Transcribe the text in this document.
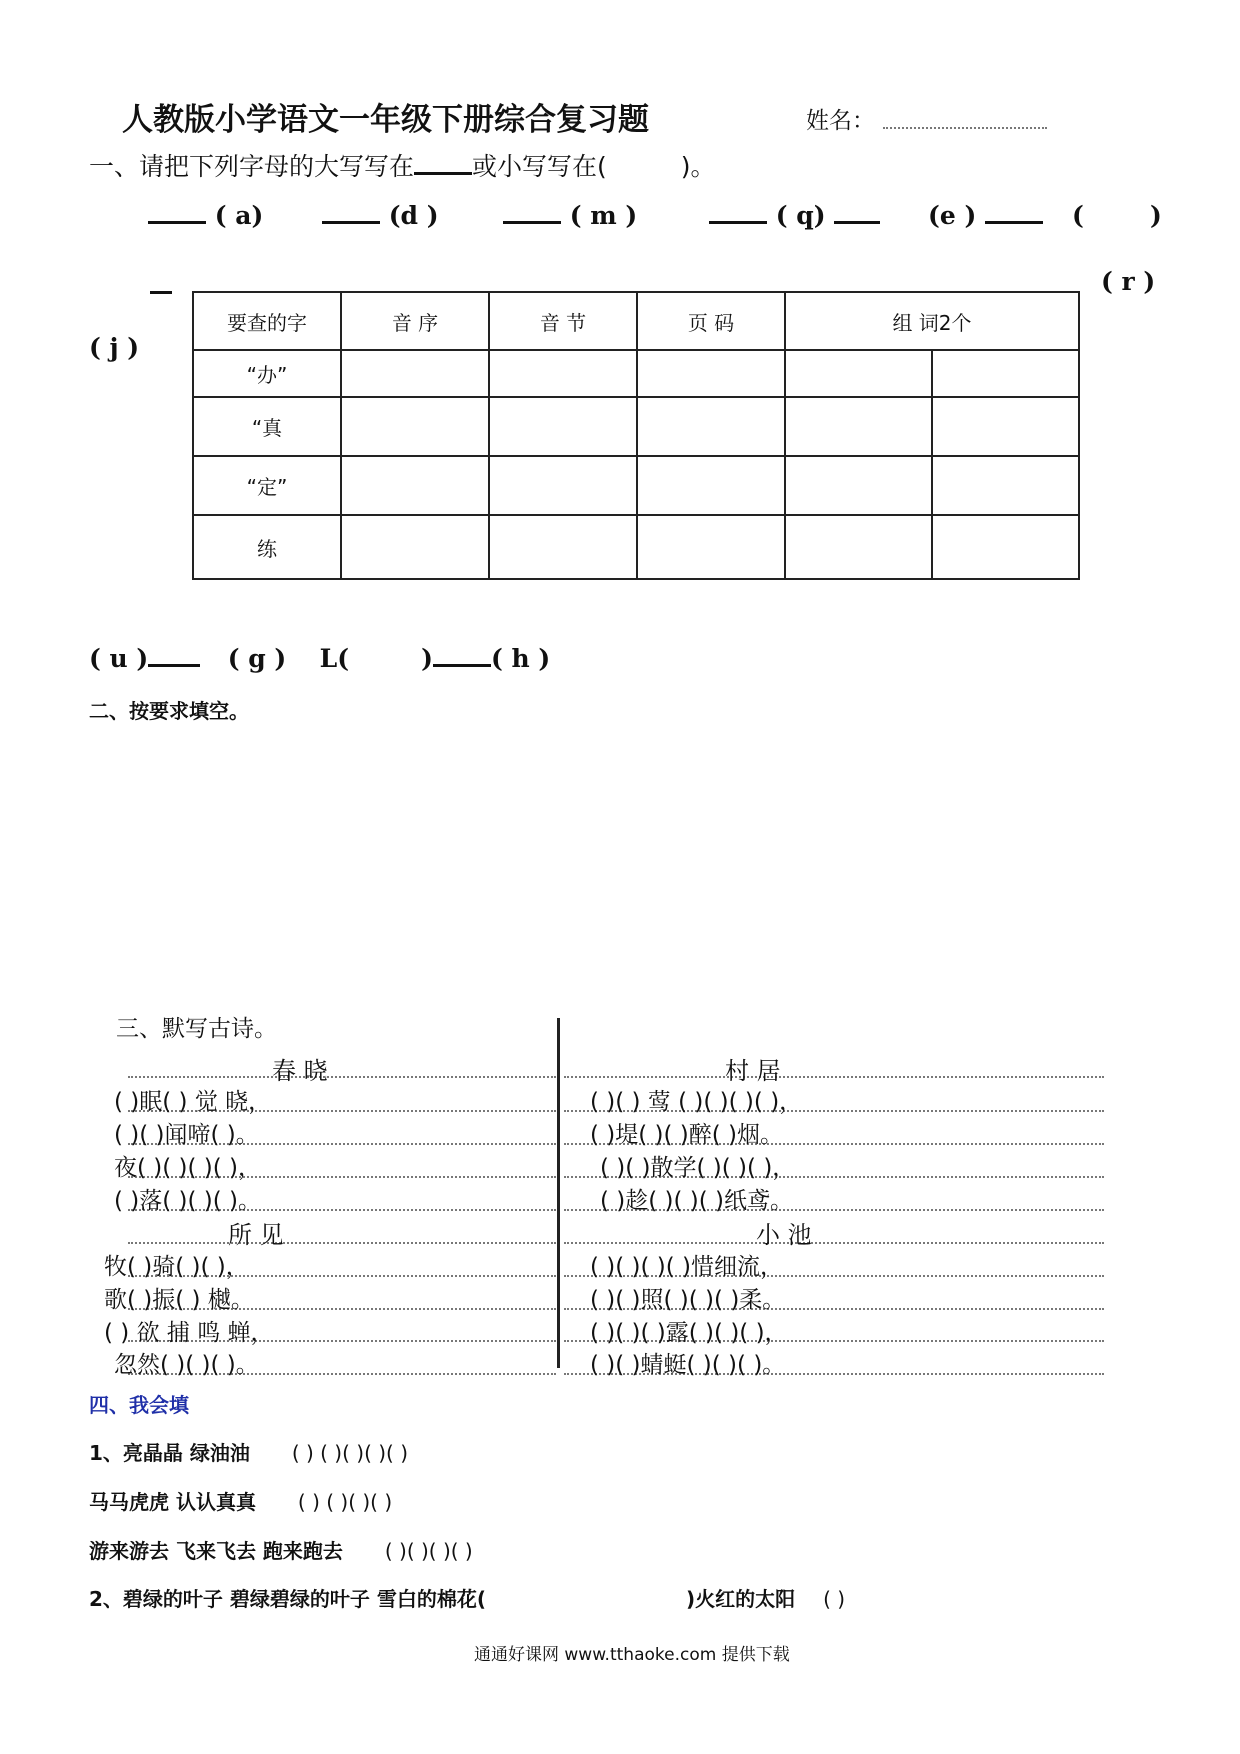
人教版小学语文一年级下册综合复习题	姓名：
一、请把下列字母的大写写在 或小写写在(	)。
( a)	(d )	( m )	( q)	(e )	(	)
( r )
( j )
要查的字	音 序	音 节	页 码	组 词2个	
“办”					
“真					
“定”					
练					
( u )	( g ) L(	) ( h )
二、按要求填空。
三、默写古诗。
春 晓
( )眠( ) 觉 晓，
( )( )闻啼( )。
夜( )( )( )( )，
( )落( )( )( )。
所 见
牧( )骑( )( )，
歌( )振( ) 樾。
( ) 欲 捕 鸣 蝉，
忽然( )( )( )。
村 居
( )( ) 莺 ( )( )( )( )，
( )堤( )( )醉( )烟。
( )( )散学( )( )( )，
( )趁( )( )( )纸鸢。
小 池
( )( )( )( )惜细流，
( )( )照( )( )( )柔。
( )( )( )露( )( )( )，
( )( )蜻蜓( )( )( )。
四、我会填
1、亮晶晶 绿油油 ( ) ( )( )( )( )
马马虎虎 认认真真 ( ) ( )( )( )
游来游去 飞来飞去 跑来跑去 ( )( )( )( )
2、碧绿的叶子 碧绿碧绿的叶子 雪白的棉花(	)火红的太阳 ( )
通通好课网 www.tthaoke.com 提供下载
